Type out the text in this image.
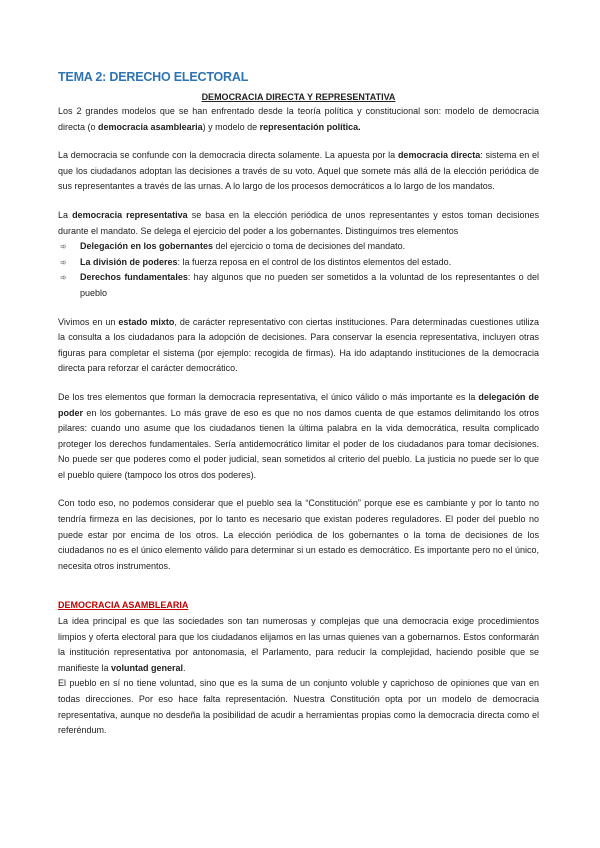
TEMA 2: DERECHO ELECTORAL
DEMOCRACIA DIRECTA Y REPRESENTATIVA

Los 2 grandes modelos que se han enfrentado desde la teoría política y constitucional son: modelo de democracia directa (o democracia asamblearia) y modelo de representación política.

La democracia se confunde con la democracia directa solamente. La apuesta por la democracia directa: sistema en el que los ciudadanos adoptan las decisiones a través de su voto. Aquel que somete más allá de la elección periódica de sus representantes a través de las urnas. A lo largo de los procesos democráticos a lo largo de los mandatos.

La democracia representativa se basa en la elección periódica de unos representantes y estos toman decisiones durante el mandato. Se delega el ejercicio del poder a los gobernantes. Distinguimos tres elementos

➾ Delegación en los gobernantes del ejercicio o toma de decisiones del mandato.
➾ La división de poderes: la fuerza reposa en el control de los distintos elementos del estado.
➾ Derechos fundamentales: hay algunos que no pueden ser sometidos a la voluntad de los representantes o del pueblo

Vivimos en un estado mixto, de carácter representativo con ciertas instituciones. Para determinadas cuestiones utiliza la consulta a los ciudadanos para la adopción de decisiones. Para conservar la esencia representativa, incluyen otras figuras para completar el sistema (por ejemplo: recogida de firmas). Ha ido adaptando instituciones de la democracia directa para reforzar el carácter democrático.

De los tres elementos que forman la democracia representativa, el único válido o más importante es la delegación de poder en los gobernantes. Lo más grave de eso es que no nos damos cuenta de que estamos delimitando los otros pilares: cuando uno asume que los ciudadanos tienen la última palabra en la vida democrática, resulta complicado proteger los derechos fundamentales. Sería antidemocrático limitar el poder de los ciudadanos para tomar decisiones. No puede ser que poderes como el poder judicial, sean sometidos al criterio del pueblo. La justicia no puede ser lo que el pueblo quiere (tampoco los otros dos poderes).

Con todo eso, no podemos considerar que el pueblo sea la “Constitución” porque ese es cambiante y por lo tanto no tendría firmeza en las decisiones, por lo tanto es necesario que existan poderes reguladores. El poder del pueblo no puede estar por encima de los otros. La elección periódica de los gobernantes o la toma de decisiones de los ciudadanos no es el único elemento válido para determinar si un estado es democrático. Es importante pero no el único, necesita otros instrumentos.

DEMOCRACIA ASAMBLEARIA

La idea principal es que las sociedades son tan numerosas y complejas que una democracia exige procedimientos limpios y oferta electoral para que los ciudadanos elijamos en las urnas quienes van a gobernarnos. Estos conformarán la institución representativa por antonomasia, el Parlamento, para reducir la complejidad, haciendo posible que se manifieste la voluntad general.

El pueblo en sí no tiene voluntad, sino que es la suma de un conjunto voluble y caprichoso de opiniones que van en todas direcciones. Por eso hace falta representación. Nuestra Constitución opta por un modelo de democracia representativa, aunque no desdeña la posibilidad de acudir a herramientas propias como la democracia directa como el referéndum.
